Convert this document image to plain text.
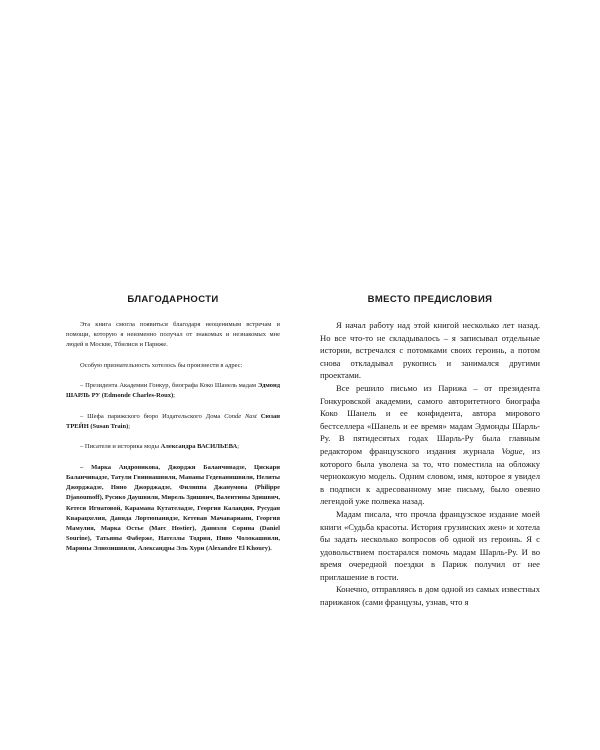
БЛАГОДАРНОСТИ

Эта книга смогла появиться благодаря неоценимым встречам и помощи, которую я неизменно получал от знакомых и незнакомых мне людей в Москве, Тбилиси и Париже.

Особую признательность хотелось бы произнести в адрес:

– Президента Академии Гонкур, биографа Коко Шанель мадам Эдмонд ШАРЛЬ РУ (Edmonde Charles-Roux);

– Шефа парижского бюро Издательского Дома Conde Nast Сюзан ТРЕЙН (Susan Train);

– Писателя и историка моды Александра ВАСИЛЬЕВА;

– Марка Андроникова, Джорджи Баланчивадзе, Цискари Баланчивадзе, Татули Гвиниашвили, Мананы Гедеванишвили, Нелиты Джорджадзе, Нино Джорджадзе, Филиппа Джанумова (Philippe Djanoumoff), Русико Даушвили, Мирель Здишвич, Валентины Здишвич, Кетеси Игнатовой, Карамана Кутателадзе, Георгия Каландия, Русудан Кварацхелия, Давида Лортюпанидзе, Кетеван Мачавариани, Георгия Мамулия, Марка Остье (Marc Hostier), Даниэля Сорина (Daniel Sourine), Татьяны Фаберже, Нателлы Тодрия, Нино Чолокашвили, Марины Элиозишвили, Александры Эль Хури (Alexandre El Khoury).

ВМЕСТО ПРЕДИСЛОВИЯ

Я начал работу над этой книгой несколько лет назад. Но все что-то не складывалось – я записывал отдельные истории, встречался с потомками своих героинь, а потом снова откладывал рукопись и занимался другими проектами.

Все решило письмо из Парижа – от президента Гонкуровской академии, самого авторитетного биографа Коко Шанель и ее конфидента, автора мирового бестселлера «Шанель и ее время» мадам Эдмонды Шарль-Ру. В пятидесятых годах Шарль-Ру была главным редактором французского издания журнала Vogue, из которого была уволена за то, что поместила на обложку чернокожую модель. Одним словом, имя, которое я увидел в подписи к адресованному мне письму, было овеяно легендой уже полвека назад.

Мадам писала, что прочла французское издание моей книги «Судьба красоты. История грузинских жен» и хотела бы задать несколько вопросов об одной из героинь. Я с удовольствием постарался помочь мадам Шарль-Ру. И во время очередной поездки в Париж получил от нее приглашение в гости.

Конечно, отправляясь в дом одной из самых известных парижанок (сами французы, узнав, что я
